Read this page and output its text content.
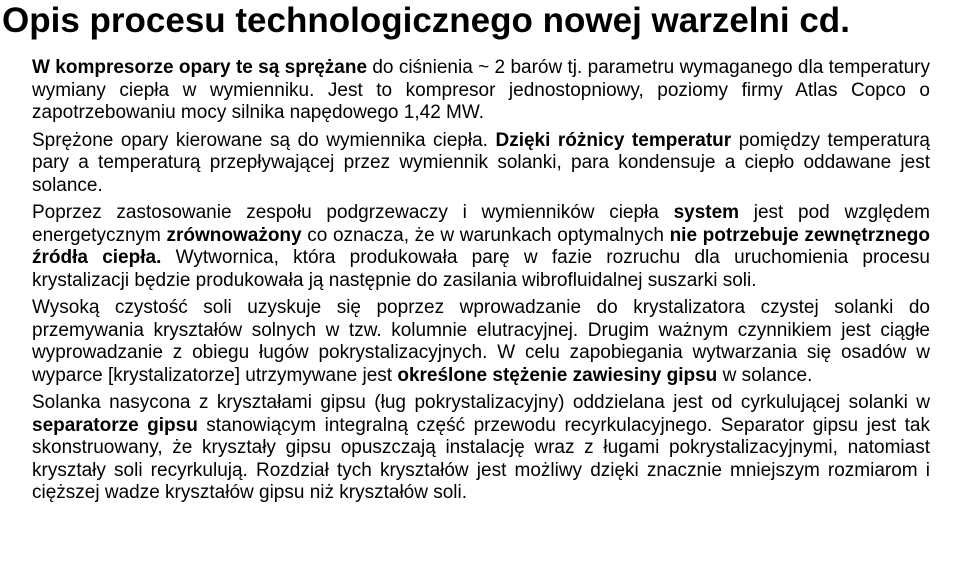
Opis procesu technologicznego nowej warzelni cd.

W kompresorze opary te są sprężane do ciśnienia ~ 2 barów tj. parametru wymaganego dla temperatury wymiany ciepła w wymienniku. Jest to kompresor jednostopniowy, poziomy firmy Atlas Copco o zapotrzebowaniu mocy silnika napędowego 1,42 MW.

Sprężone opary kierowane są do wymiennika ciepła. Dzięki różnicy temperatur pomiędzy temperaturą pary a temperaturą przepływającej przez wymiennik solanki, para kondensuje a ciepło oddawane jest solance.

Poprzez zastosowanie zespołu podgrzewaczy i wymienników ciepła system jest pod względem energetycznym zrównoważony co oznacza, że w warunkach optymalnych nie potrzebuje zewnętrznego źródła ciepła. Wytwornica, która produkowała parę w fazie rozruchu dla uruchomienia procesu krystalizacji będzie produkowała ją następnie do zasilania wibrofluidalnej suszarki soli.

Wysoką czystość soli uzyskuje się poprzez wprowadzanie do krystalizatora czystej solanki do przemywania kryształów solnych w tzw. kolumnie elutracyjnej. Drugim ważnym czynnikiem jest ciągłe wyprowadzanie z obiegu ługów pokrystalizacyjnych. W celu zapobiegania wytwarzania się osadów w wyparce [krystalizatorze] utrzymywane jest określone stężenie zawiesiny gipsu w solance.

Solanka nasycona z kryształami gipsu (ług pokrystalizacyjny) oddzielana jest od cyrkulującej solanki w separatorze gipsu stanowiącym integralną część przewodu recyrkulacyjnego. Separator gipsu jest tak skonstruowany, że kryształy gipsu opuszczają instalację wraz z ługami pokrystalizacyjnymi, natomiast kryształy soli recyrkulują. Rozdział tych kryształów jest możliwy dzięki znacznie mniejszym rozmiarom i cięższej wadze kryształów gipsu niż kryształów soli.
